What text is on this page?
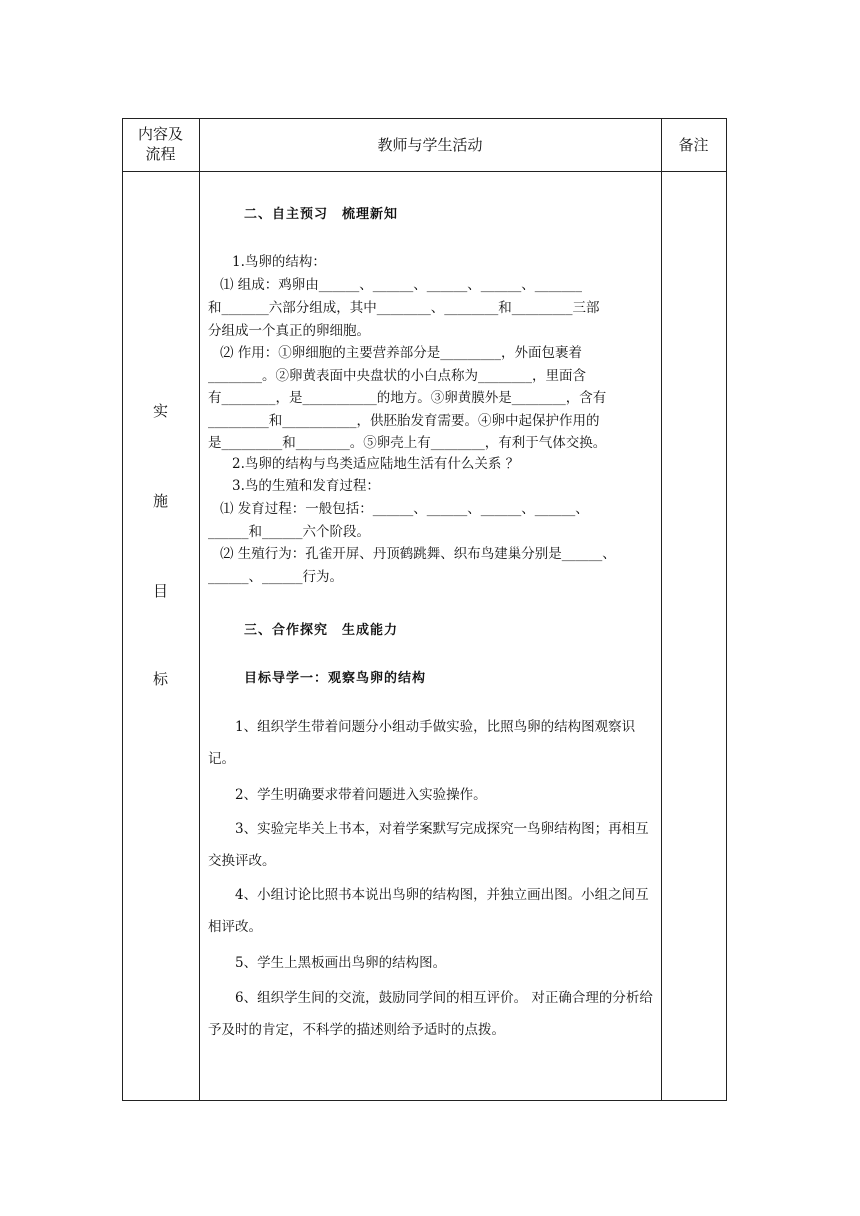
内容及
流程	教师与学生活动	备注
实
施
目
标
二、自主预习　梳理新知
1.鸟卵的结构：
⑴ 组成：鸡卵由______、______、______、______、_______
和_______六部分组成，其中________、________和_________三部
分组成一个真正的卵细胞。
⑵ 作用：①卵细胞的主要营养部分是_________，外面包裹着
________。②卵黄表面中央盘状的小白点称为________，里面含
有________，是___________的地方。③卵黄膜外是________，含有
_________和___________，供胚胎发育需要。④卵中起保护作用的
是_________和________。⑤卵壳上有________，有利于气体交换。
2.鸟卵的结构与鸟类适应陆地生活有什么关系 ？
3.鸟的生殖和发育过程：
⑴ 发育过程：一般包括：______、______、______、______、
______和______六个阶段。
⑵ 生殖行为：孔雀开屏、丹顶鹤跳舞、织布鸟建巢分别是______、
______、______行为。
三、合作探究　生成能力
目标导学一：观察鸟卵的结构
1、组织学生带着问题分小组动手做实验，比照鸟卵的结构图观察识记。
2、学生明确要求带着问题进入实验操作。
3、实验完毕关上书本，对着学案默写完成探究一鸟卵结构图；再相互交换评改。
4、小组讨论比照书本说出鸟卵的结构图，并独立画出图。小组之间互相评改。
5、学生上黑板画出鸟卵的结构图。
6、组织学生间的交流，鼓励同学间的相互评价。 对正确合理的分析给予及时的肯定，不科学的描述则给予适时的点拨。
